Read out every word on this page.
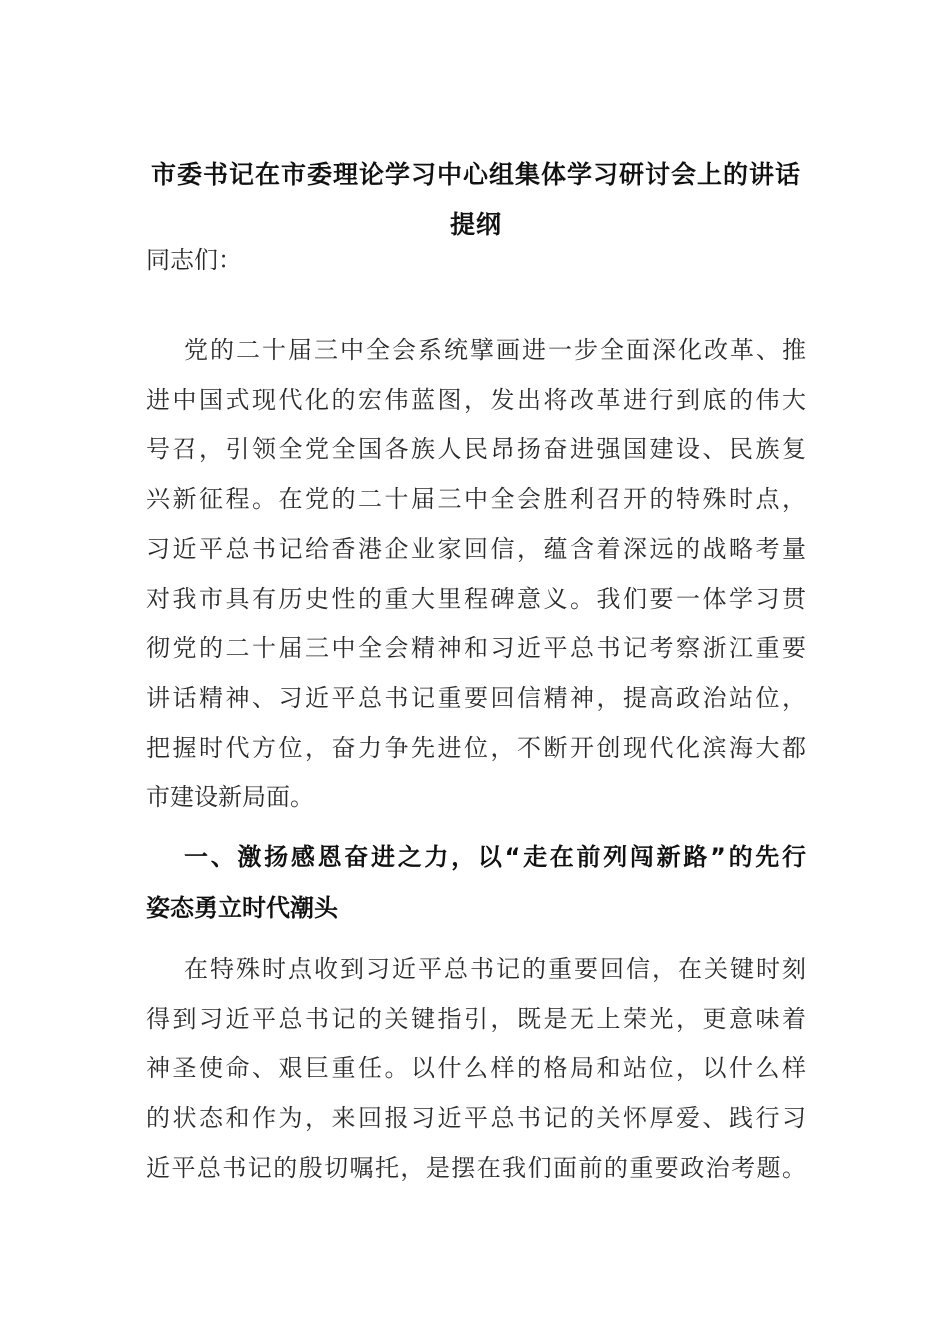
市委书记在市委理论学习中心组集体学习研讨会上的讲话
提纲
同志们：
党的二十届三中全会系统擘画进一步全面深化改革、推
进中国式现代化的宏伟蓝图，发出将改革进行到底的伟大
号召，引领全党全国各族人民昂扬奋进强国建设、民族复
兴新征程。在党的二十届三中全会胜利召开的特殊时点，
习近平总书记给香港企业家回信，蕴含着深远的战略考量
对我市具有历史性的重大里程碑意义。我们要一体学习贯
彻党的二十届三中全会精神和习近平总书记考察浙江重要
讲话精神、习近平总书记重要回信精神，提高政治站位，
把握时代方位，奋力争先进位，不断开创现代化滨海大都
市建设新局面。
一、激扬感恩奋进之力，以“走在前列闯新路”的先行
姿态勇立时代潮头
在特殊时点收到习近平总书记的重要回信，在关键时刻
得到习近平总书记的关键指引，既是无上荣光，更意味着
神圣使命、艰巨重任。以什么样的格局和站位，以什么样
的状态和作为，来回报习近平总书记的关怀厚爱、践行习
近平总书记的殷切嘱托，是摆在我们面前的重要政治考题。
